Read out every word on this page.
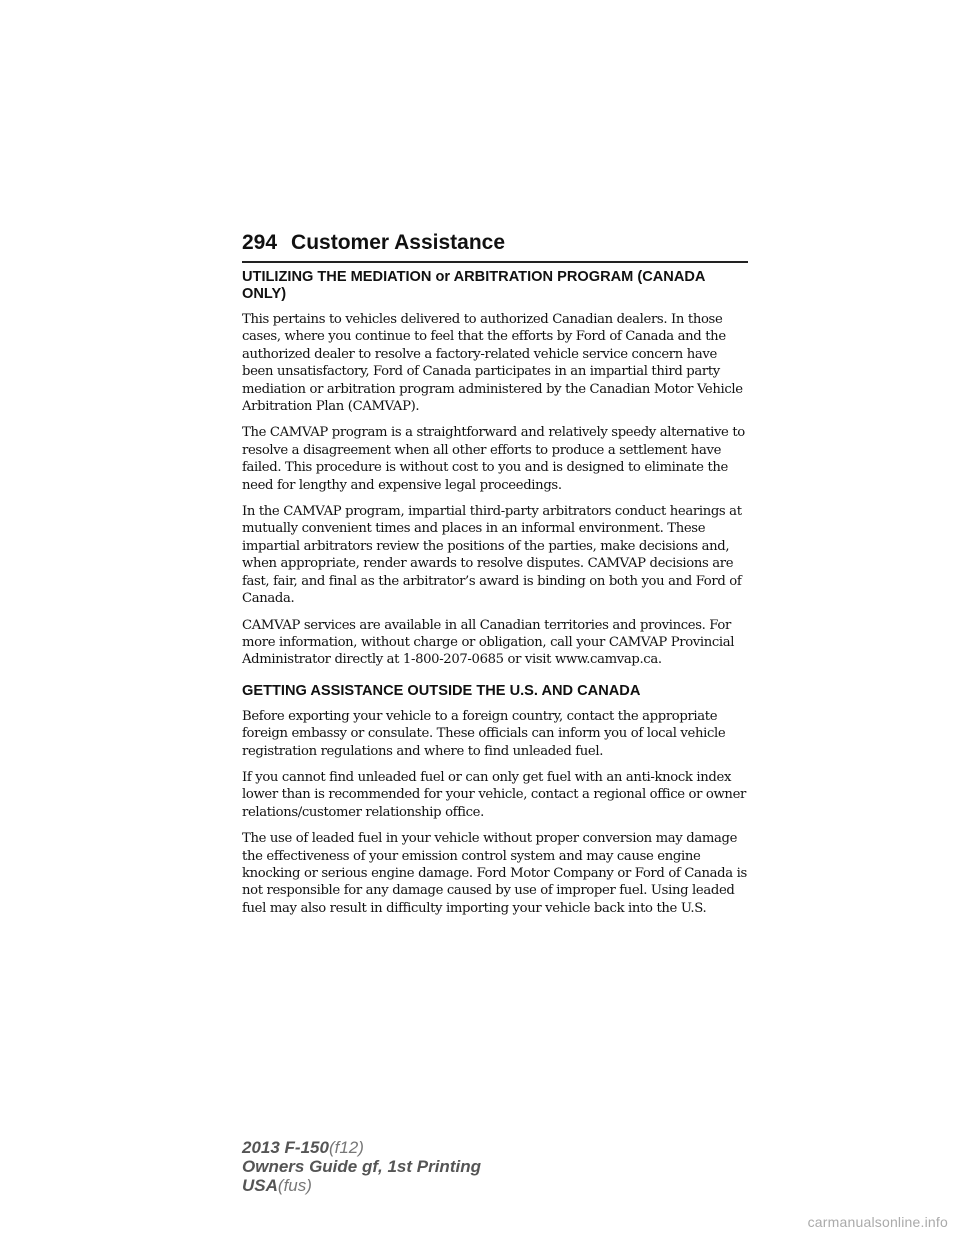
294 Customer Assistance
UTILIZING THE MEDIATION or ARBITRATION PROGRAM (CANADA ONLY)

This pertains to vehicles delivered to authorized Canadian dealers. In those cases, where you continue to feel that the efforts by Ford of Canada and the authorized dealer to resolve a factory-related vehicle service concern have been unsatisfactory, Ford of Canada participates in an impartial third party mediation or arbitration program administered by the Canadian Motor Vehicle Arbitration Plan (CAMVAP).

The CAMVAP program is a straightforward and relatively speedy alternative to resolve a disagreement when all other efforts to produce a settlement have failed. This procedure is without cost to you and is designed to eliminate the need for lengthy and expensive legal proceedings.

In the CAMVAP program, impartial third-party arbitrators conduct hearings at mutually convenient times and places in an informal environment. These impartial arbitrators review the positions of the parties, make decisions and, when appropriate, render awards to resolve disputes. CAMVAP decisions are fast, fair, and final as the arbitrator’s award is binding on both you and Ford of Canada.

CAMVAP services are available in all Canadian territories and provinces. For more information, without charge or obligation, call your CAMVAP Provincial Administrator directly at 1-800-207-0685 or visit www.camvap.ca.

GETTING ASSISTANCE OUTSIDE THE U.S. AND CANADA

Before exporting your vehicle to a foreign country, contact the appropriate foreign embassy or consulate. These officials can inform you of local vehicle registration regulations and where to find unleaded fuel.

If you cannot find unleaded fuel or can only get fuel with an anti-knock index lower than is recommended for your vehicle, contact a regional office or owner relations/customer relationship office.

The use of leaded fuel in your vehicle without proper conversion may damage the effectiveness of your emission control system and may cause engine knocking or serious engine damage. Ford Motor Company or Ford of Canada is not responsible for any damage caused by use of improper fuel. Using leaded fuel may also result in difficulty importing your vehicle back into the U.S.

2013 F-150(f12)
Owners Guide gf, 1st Printing
USA(fus)
carmanualsonline.info
